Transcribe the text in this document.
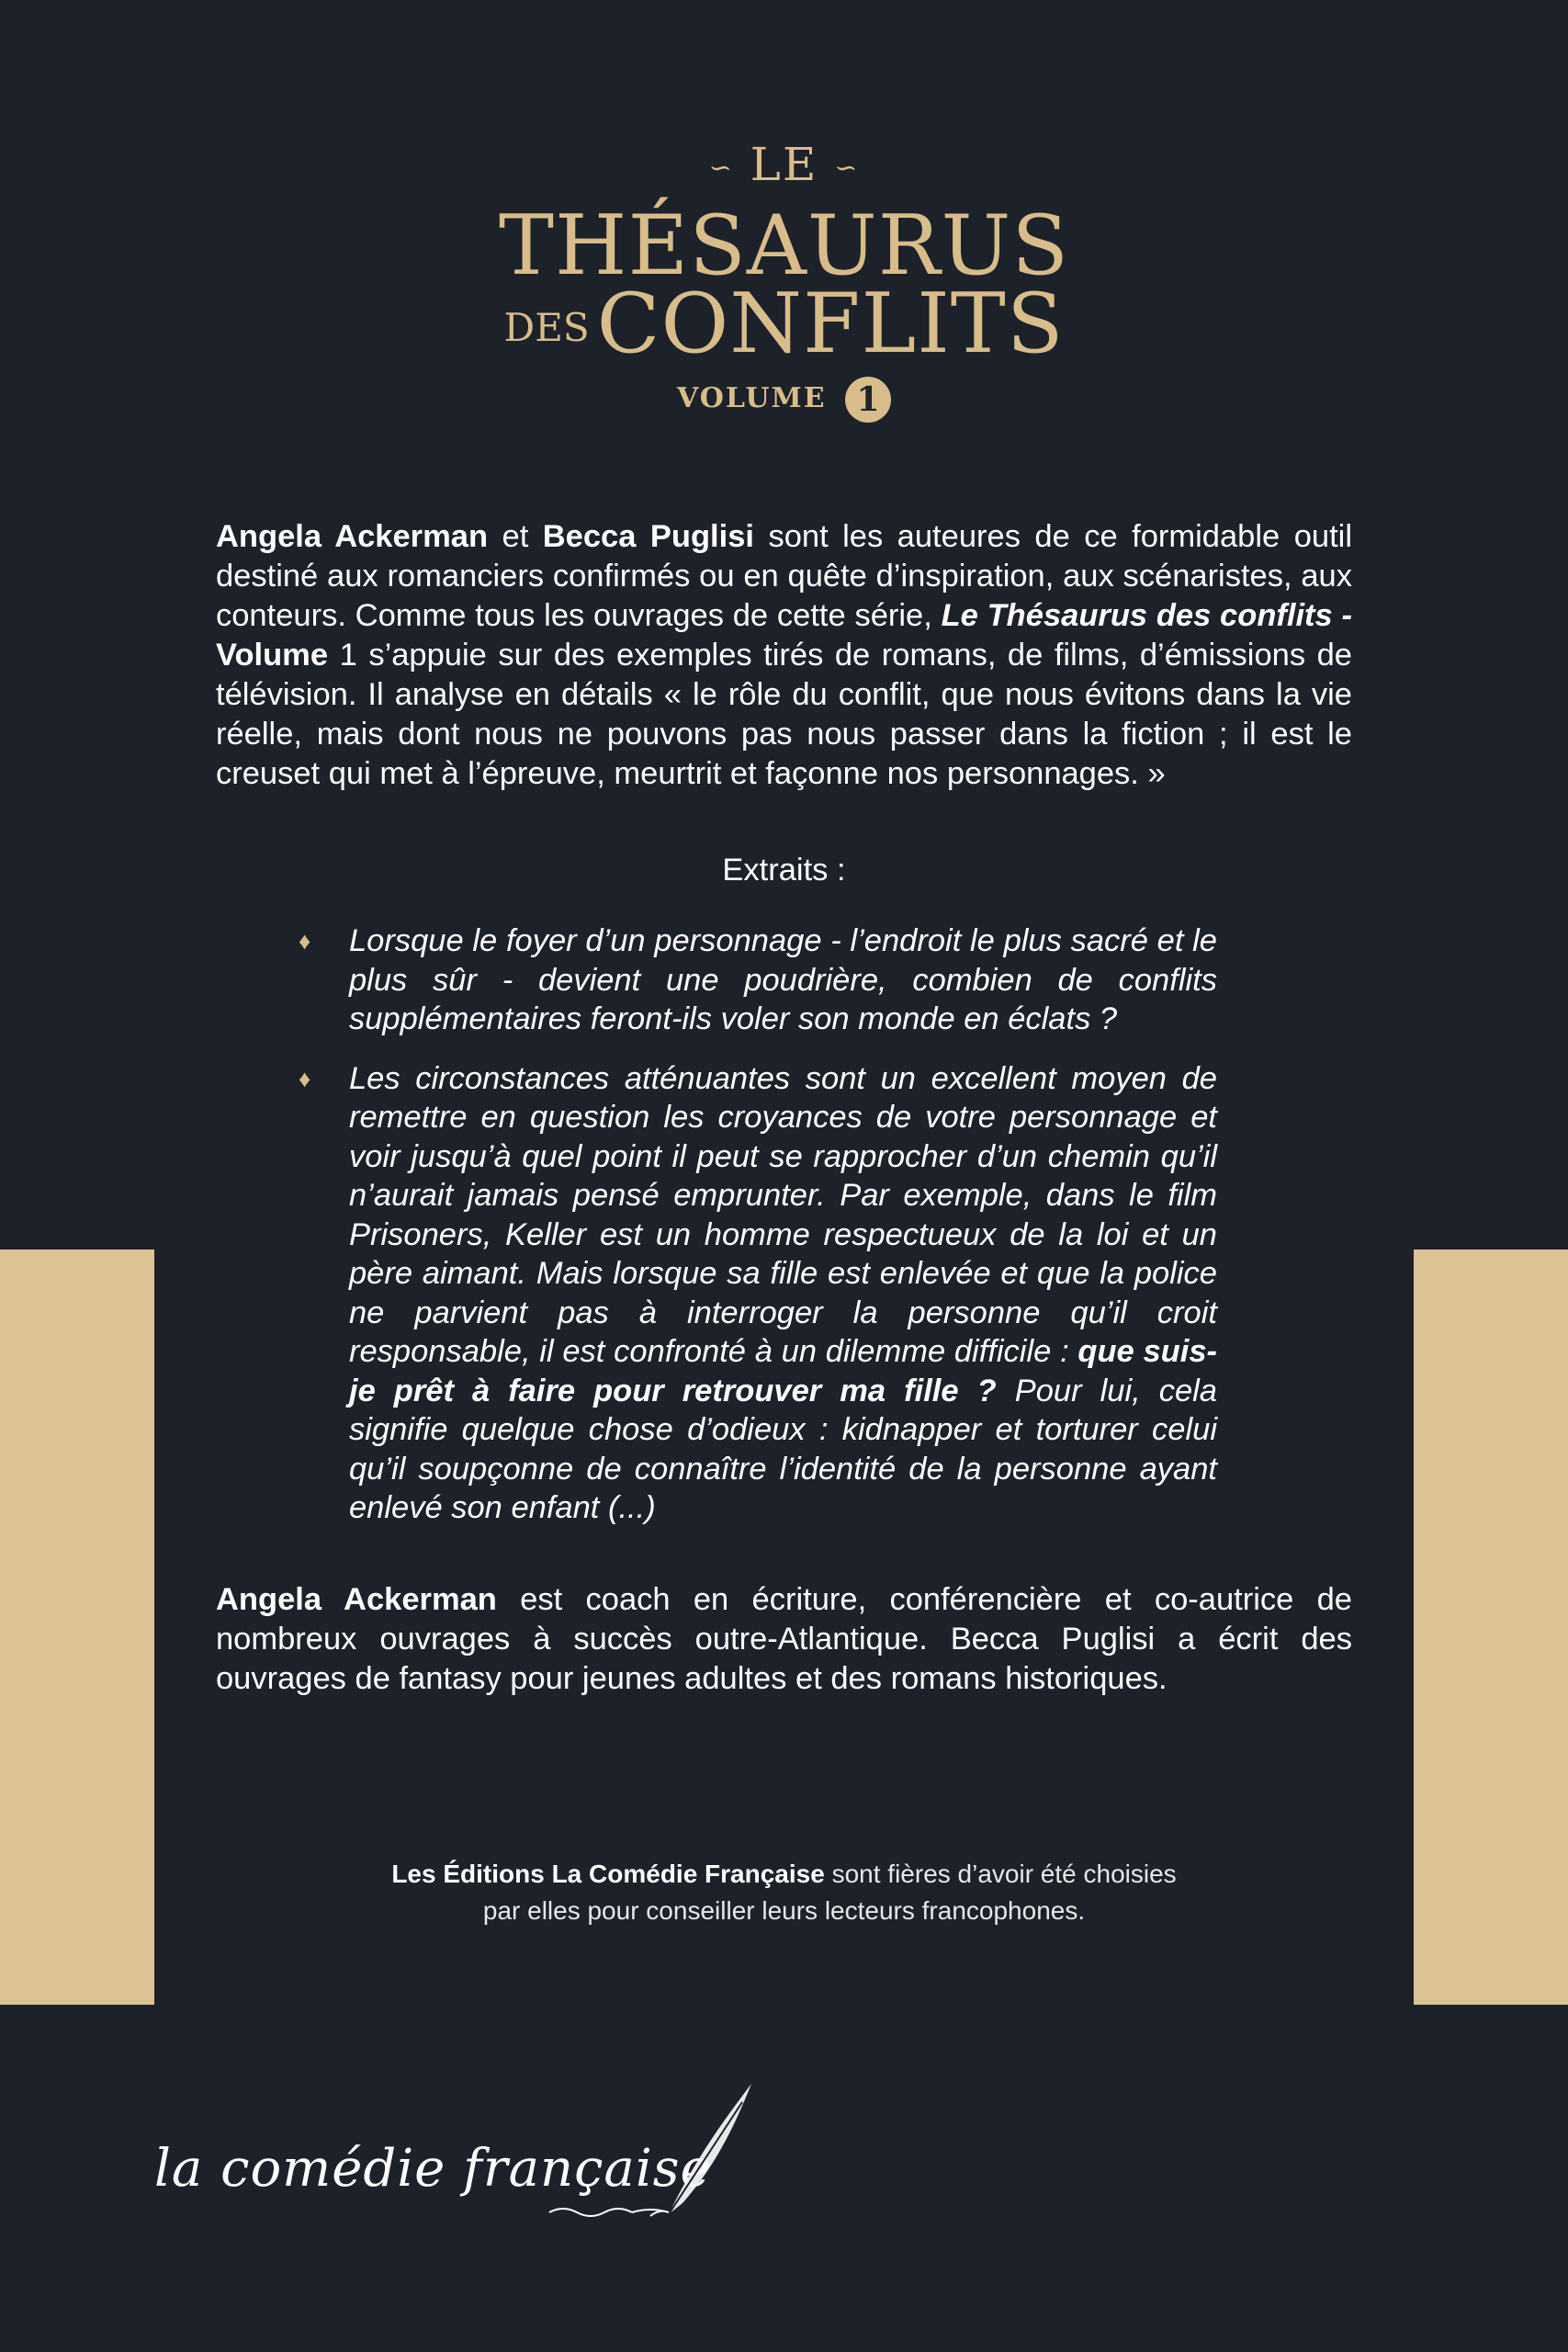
∽ LE ∽
THÉSAURUS
DESCONFLITS
VOLUME 1
Angela Ackerman et Becca Puglisi sont les auteures de ce formidable outil destiné aux romanciers confirmés ou en quête d’inspiration, aux scénaristes, aux conteurs. Comme tous les ouvrages de cette série, Le Thésaurus des conflits - Volume 1 s’appuie sur des exemples tirés de romans, de films, d’émissions de télévision. Il analyse en détails « le rôle du conflit, que nous évitons dans la vie réelle, mais dont nous ne pouvons pas nous passer dans la fiction ; il est le creuset qui met à l’épreuve, meurtrit et façonne nos personnages. »
Extraits :
♦ Lorsque le foyer d’un personnage - l’endroit le plus sacré et le plus sûr - devient une poudrière, combien de conflits supplémentaires feront-ils voler son monde en éclats ?
♦ Les circonstances atténuantes sont un excellent moyen de remettre en question les croyances de votre personnage et voir jusqu’à quel point il peut se rapprocher d’un chemin qu’il n’aurait jamais pensé emprunter. Par exemple, dans le film Prisoners, Keller est un homme respectueux de la loi et un père aimant. Mais lorsque sa fille est enlevée et que la police ne parvient pas à interroger la personne qu’il croit responsable, il est confronté à un dilemme difficile : que suis-je prêt à faire pour retrouver ma fille ? Pour lui, cela signifie quelque chose d’odieux : kidnapper et torturer celui qu’il soupçonne de connaître l’identité de la personne ayant enlevé son enfant (...)
Angela Ackerman est coach en écriture, conférencière et co-autrice de nombreux ouvrages à succès outre-Atlantique. Becca Puglisi a écrit des ouvrages de fantasy pour jeunes adultes et des romans historiques.
Les Éditions La Comédie Française sont fières d’avoir été choisies
par elles pour conseiller leurs lecteurs francophones.
la comédie française
